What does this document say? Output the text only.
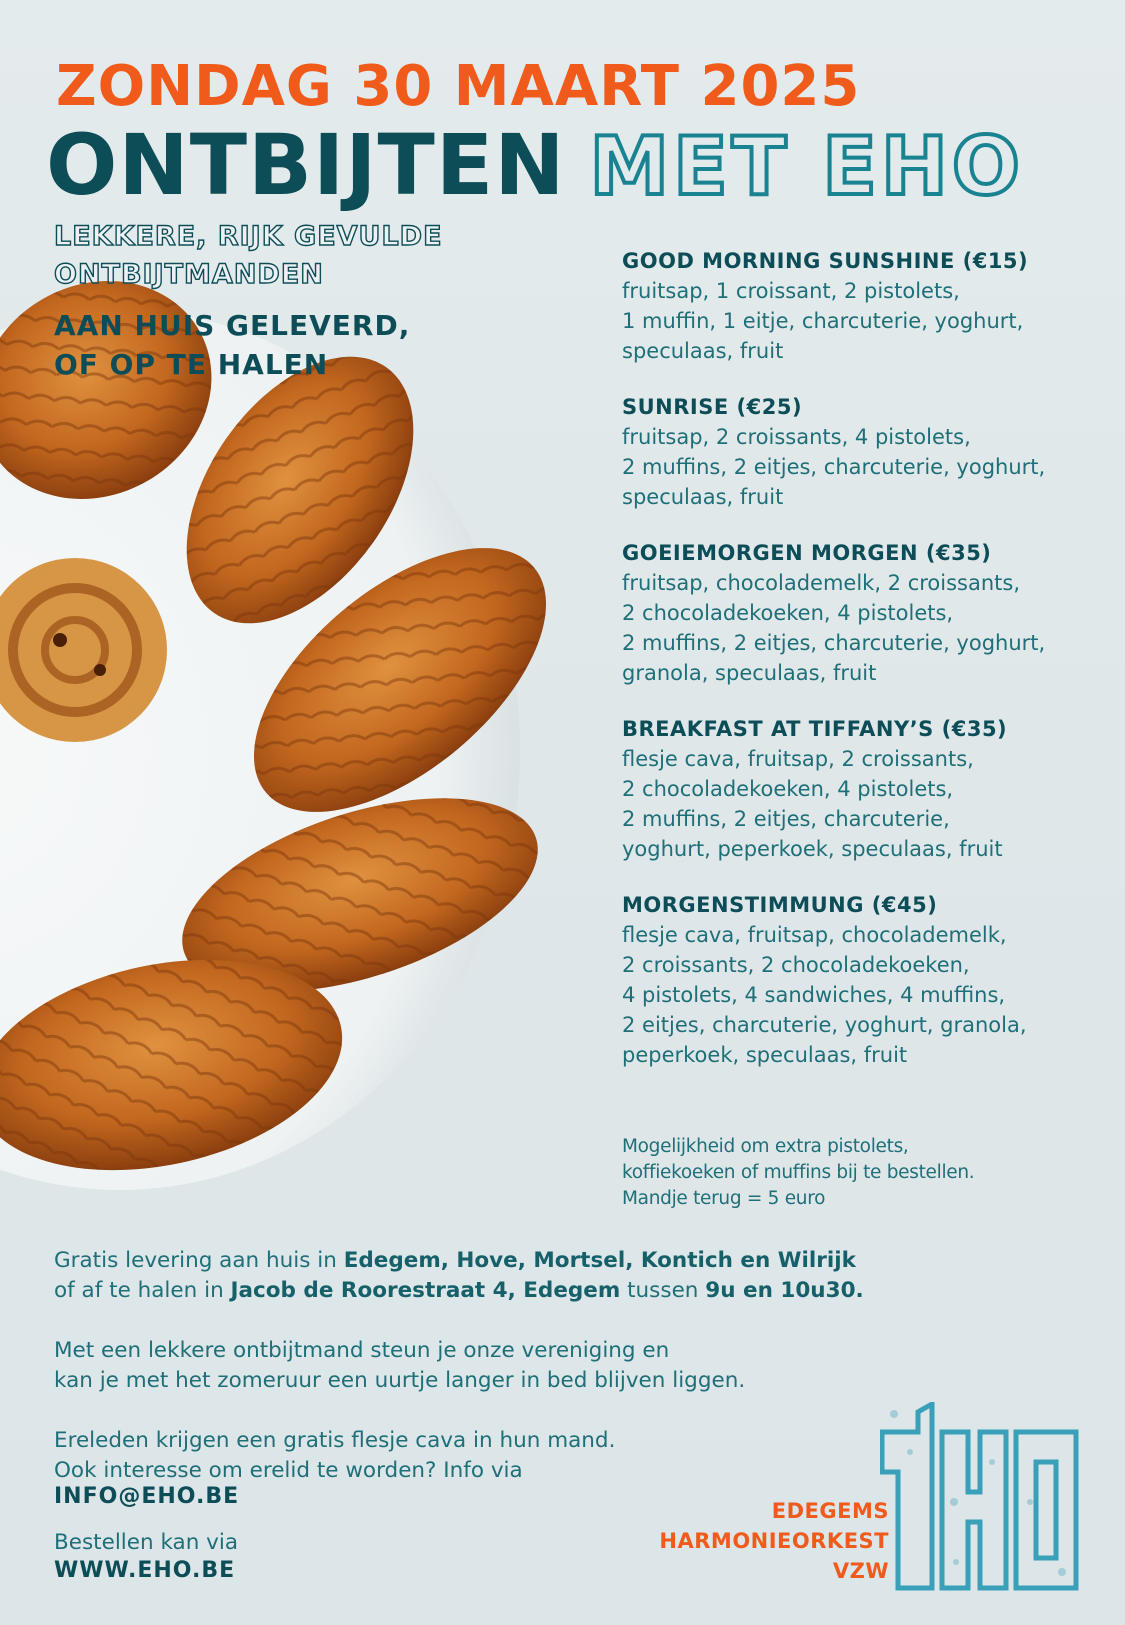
ZONDAG 30 MAART 2025
ONTBIJTEN MET EHO
LEKKERE, RIJK GEVULDE
ONTBIJTMANDEN
AAN HUIS GELEVERD,
OF OP TE HALEN
GOOD MORNING SUNSHINE (€15)

fruitsap, 1 croissant, 2 pistolets,

1 muffin, 1 eitje, charcuterie, yoghurt,

speculaas, fruit

SUNRISE (€25)

fruitsap, 2 croissants, 4 pistolets,

2 muffins, 2 eitjes, charcuterie, yoghurt,

speculaas, fruit

GOEIEMORGEN MORGEN (€35)

fruitsap, chocolademelk, 2 croissants,

2 chocoladekoeken, 4 pistolets,

2 muffins, 2 eitjes, charcuterie, yoghurt,

granola, speculaas, fruit

BREAKFAST AT TIFFANY’S (€35)

flesje cava, fruitsap, 2 croissants,

2 chocoladekoeken, 4 pistolets,

2 muffins, 2 eitjes, charcuterie,

yoghurt, peperkoek, speculaas, fruit

MORGENSTIMMUNG (€45)

flesje cava, fruitsap, chocolademelk,

2 croissants, 2 chocoladekoeken,

4 pistolets, 4 sandwiches, 4 muffins,

2 eitjes, charcuterie, yoghurt, granola,

peperkoek, speculaas, fruit

Mogelijkheid om extra pistolets,
koffiekoeken of muffins bij te bestellen.
Mandje terug = 5 euro
Gratis levering aan huis in Edegem, Hove, Mortsel, Kontich en Wilrijk
of af te halen in Jacob de Roorestraat 4, Edegem tussen 9u en 10u30.
Met een lekkere ontbijtmand steun je onze vereniging en
kan je met het zomeruur een uurtje langer in bed blijven liggen.
Ereleden krijgen een gratis flesje cava in hun mand.
Ook interesse om erelid te worden? Info via
INFO@EHO.BE
Bestellen kan via
WWW.EHO.BE
EDEGEMS
HARMONIEORKEST
VZW
